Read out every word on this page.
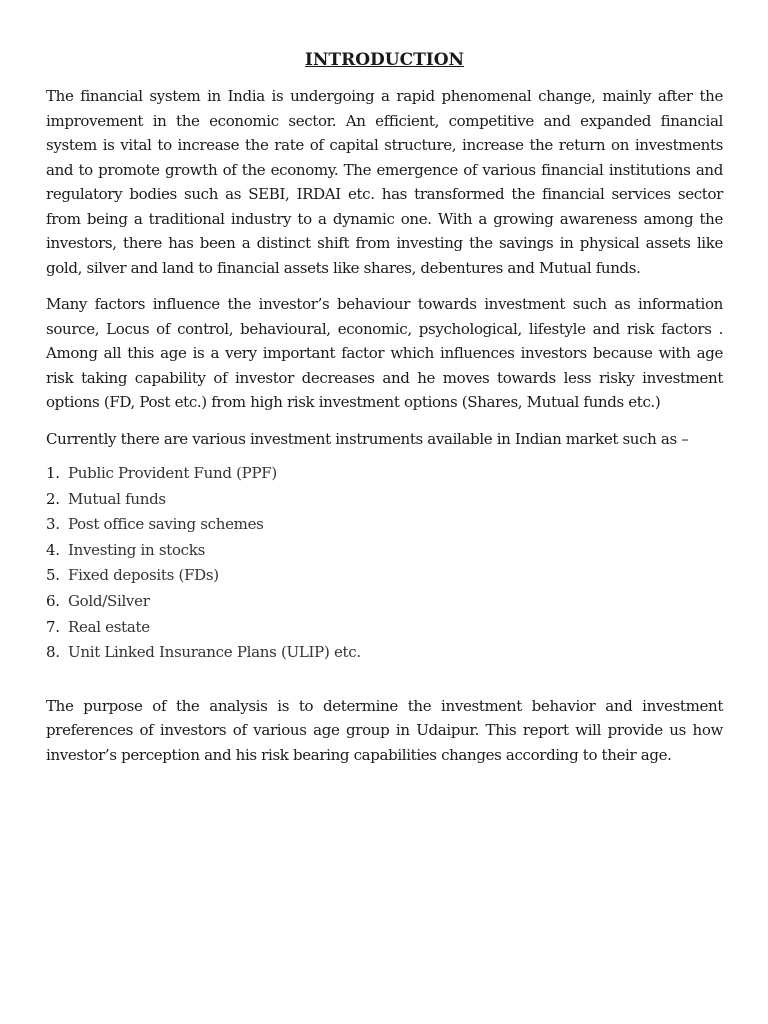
INTRODUCTION

The financial system in India is undergoing a rapid phenomenal change, mainly after the improvement in the economic sector. An efficient, competitive and expanded financial system is vital to increase the rate of capital structure, increase the return on investments and to promote growth of the economy. The emergence of various financial institutions and regulatory bodies such as SEBI, IRDAI etc. has transformed the financial services sector from being a traditional industry to a dynamic one. With a growing awareness among the investors, there has been a distinct shift from investing the savings in physical assets like gold, silver and land to financial assets like shares, debentures and Mutual funds.

Many factors influence the investor’s behaviour towards investment such as information source, Locus of control, behavioural, economic, psychological, lifestyle and risk factors . Among all this age is a very important factor which influences investors because with age risk taking capability of investor decreases and he moves towards less risky investment options (FD, Post etc.) from high risk investment options (Shares, Mutual funds etc.)

Currently there are various investment instruments available in Indian market such as –

1. Public Provident Fund (PPF)
2. Mutual funds
3. Post office saving schemes
4. Investing in stocks
5. Fixed deposits (FDs)
6. Gold/Silver
7. Real estate
8. Unit Linked Insurance Plans (ULIP) etc.

The purpose of the analysis is to determine the investment behavior and investment preferences of investors of various age group in Udaipur. This report will provide us how investor’s perception and his risk bearing capabilities changes according to their age.
